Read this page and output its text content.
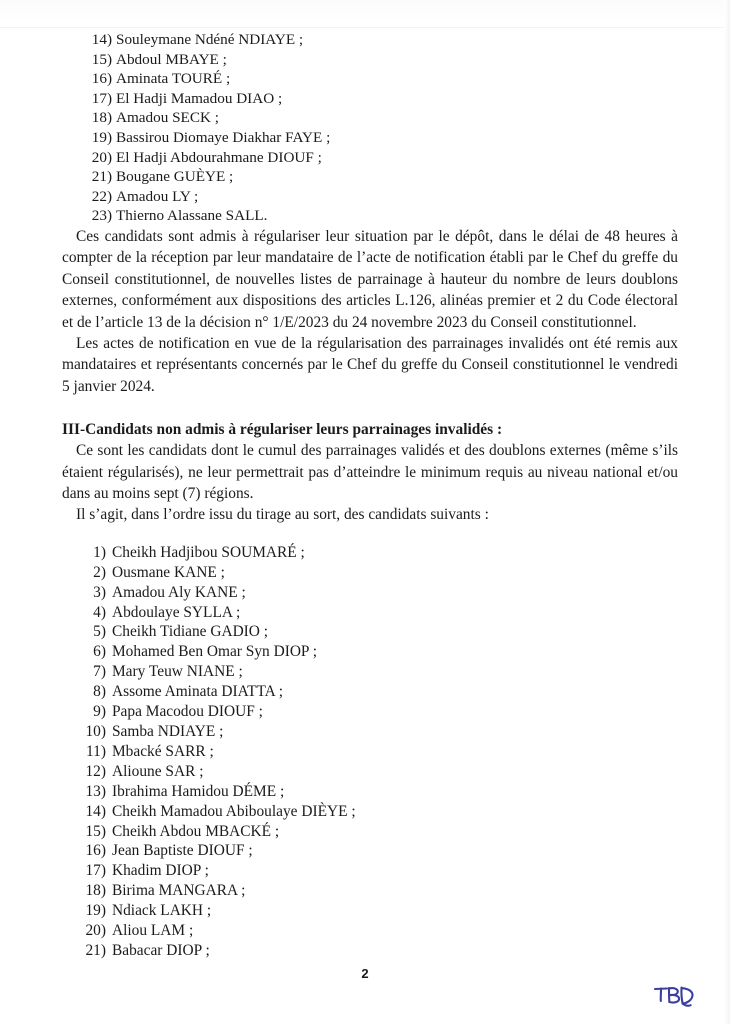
14) Souleymane Ndéné NDIAYE ;
15) Abdoul MBAYE ;
16) Aminata TOURÉ ;
17) El Hadji Mamadou DIAO ;
18) Amadou SECK ;
19) Bassirou Diomaye Diakhar FAYE ;
20) El Hadji Abdourahmane DIOUF ;
21) Bougane GUÈYE ;
22) Amadou LY ;
23) Thierno Alassane SALL.

Ces candidats sont admis à régulariser leur situation par le dépôt, dans le délai de 48 heures à compter de la réception par leur mandataire de l’acte de notification établi par le Chef du greffe du Conseil constitutionnel, de nouvelles listes de parrainage à hauteur du nombre de leurs doublons externes, conformément aux dispositions des articles L.126, alinéas premier et 2 du Code électoral et de l’article 13 de la décision n° 1/E/2023 du 24 novembre 2023 du Conseil constitutionnel.

Les actes de notification en vue de la régularisation des parrainages invalidés ont été remis aux mandataires et représentants concernés par le Chef du greffe du Conseil constitutionnel le vendredi 5 janvier 2024.

III-Candidats non admis à régulariser leurs parrainages invalidés :

Ce sont les candidats dont le cumul des parrainages validés et des doublons externes (même s’ils étaient régularisés), ne leur permettrait pas d’atteindre le minimum requis au niveau national et/ou dans au moins sept (7) régions.

Il s’agit, dans l’ordre issu du tirage au sort, des candidats suivants :

1) Cheikh Hadjibou SOUMARÉ ;
2) Ousmane KANE ;
3) Amadou Aly KANE ;
4) Abdoulaye SYLLA ;
5) Cheikh Tidiane GADIO ;
6) Mohamed Ben Omar Syn DIOP ;
7) Mary Teuw NIANE ;
8) Assome Aminata DIATTA ;
9) Papa Macodou DIOUF ;
10) Samba NDIAYE ;
11) Mbacké SARR ;
12) Alioune SAR ;
13) Ibrahima Hamidou DÉME ;
14) Cheikh Mamadou Abiboulaye DIÈYE ;
15) Cheikh Abdou MBACKÉ ;
16) Jean Baptiste DIOUF ;
17) Khadim DIOP ;
18) Birima MANGARA ;
19) Ndiack LAKH ;
20) Aliou LAM ;
21) Babacar DIOP ;
2
